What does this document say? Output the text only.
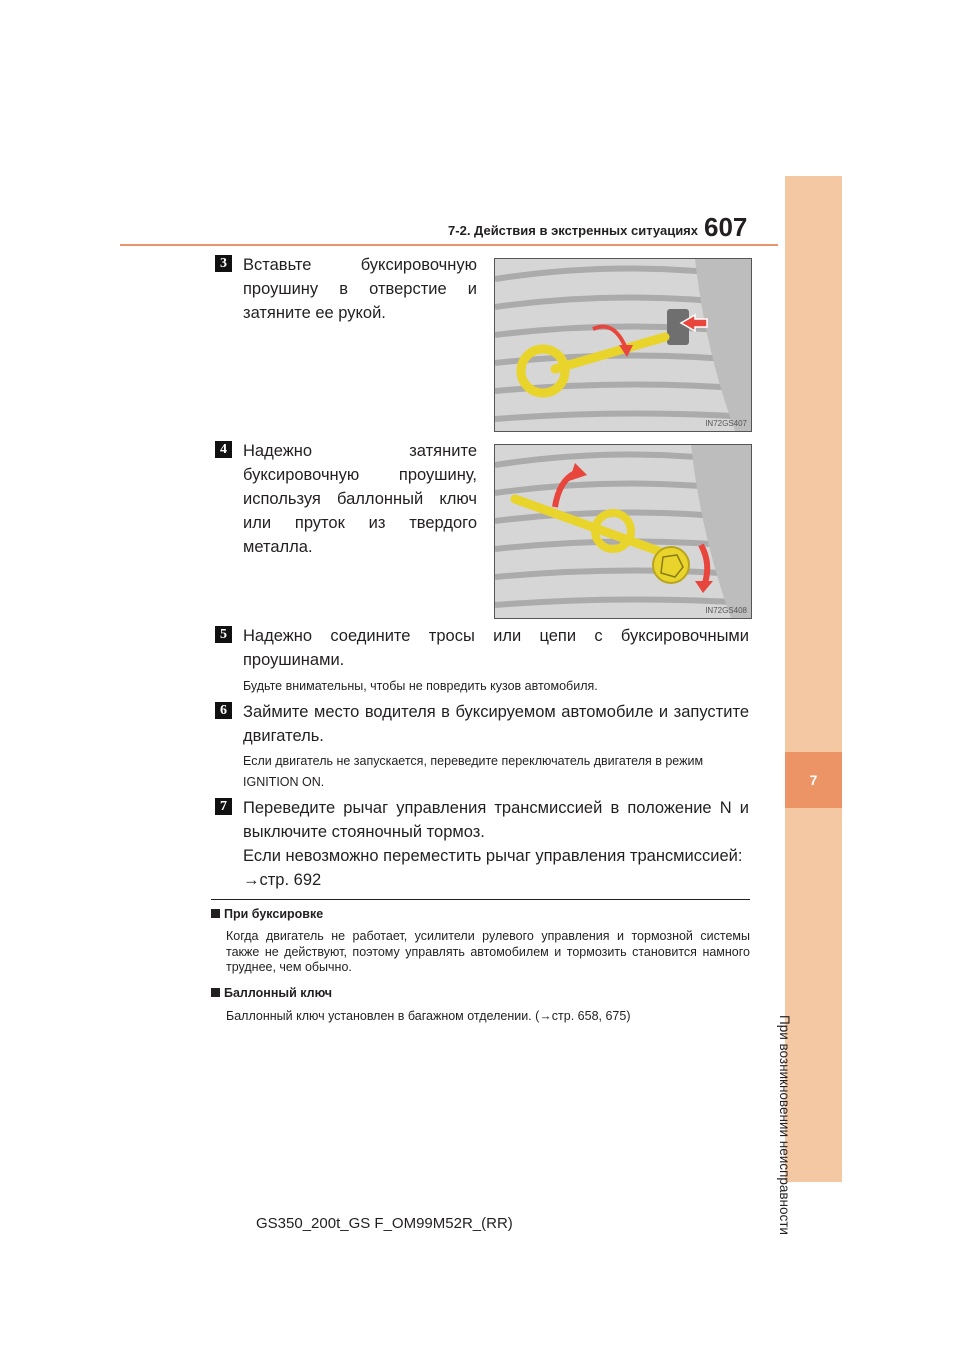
7-2. Действия в экстренных ситуациях 607
7
При возникновении неисправности
3 Вставьте буксировочную проушину в отверстие и затяните ее рукой.
IN72GS407
4 Надежно затяните буксировочную проушину, используя баллонный ключ или пруток из твердого металла.
IN72GS408
5 Надежно соедините тросы или цепи с буксировочными проушинами.
Будьте внимательны, чтобы не повредить кузов автомобиля.
6 Займите место водителя в буксируемом автомобиле и запустите двигатель.
Если двигатель не запускается, переведите переключатель двигателя в режим IGNITION ON.
7 Переведите рычаг управления трансмиссией в положение N и выключите стояночный тормоз.
Если невозможно переместить рычаг управления трансмиссией:
→стр. 692
При буксировке
Когда двигатель не работает, усилители рулевого управления и тормозной системы также не действуют, поэтому управлять автомобилем и тормозить становится намного труднее, чем обычно.
Баллонный ключ
Баллонный ключ установлен в багажном отделении. (→стр. 658, 675)
GS350_200t_GS F_OM99M52R_(RR)
